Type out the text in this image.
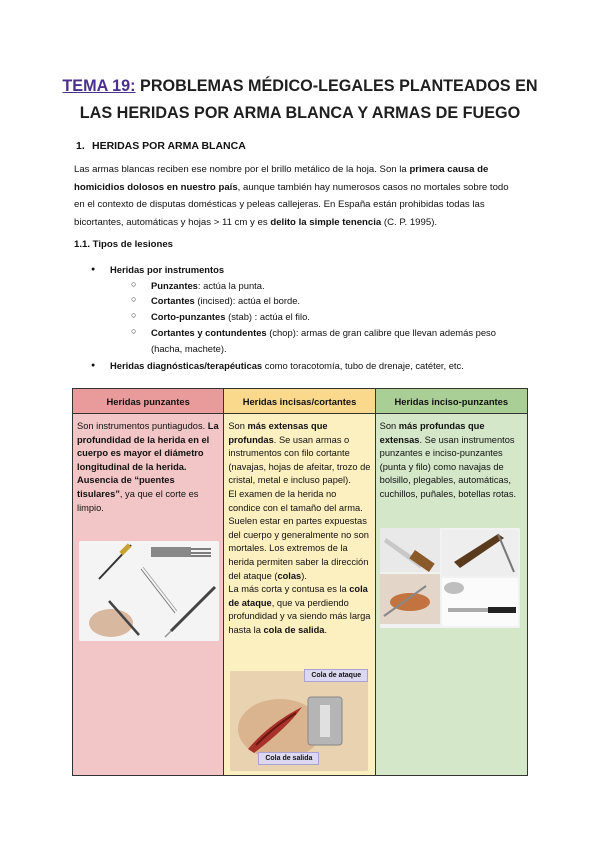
TEMA 19: PROBLEMAS MÉDICO-LEGALES PLANTEADOS EN
LAS HERIDAS POR ARMA BLANCA Y ARMAS DE FUEGO
1. HERIDAS POR ARMA BLANCA
Las armas blancas reciben ese nombre por el brillo metálico de la hoja. Son la primera causa de homicidios dolosos en nuestro país, aunque también hay numerosos casos no mortales sobre todo en el contexto de disputas domésticas y peleas callejeras. En España están prohibidas todas las bicortantes, automáticas y hojas > 11 cm y es delito la simple tenencia (C. P. 1995).
1.1. Tipos de lesiones
● Heridas por instrumentos
○ Punzantes: actúa la punta.
○ Cortantes (incised): actúa el borde.
○ Corto-punzantes (stab) : actúa el filo.
○ Cortantes y contundentes (chop): armas de gran calibre que llevan además peso (hacha, machete).
● Heridas diagnósticas/terapéuticas como toracotomía, tubo de drenaje, catéter, etc.
Heridas punzantes
Son instrumentos puntiagudos. La profundidad de la herida en el cuerpo es mayor el diámetro longitudinal de la herida.
Ausencia de “puentes tisulares”, ya que el corte es limpio.
Heridas incisas/cortantes
Son más extensas que profundas. Se usan armas o instrumentos con filo cortante (navajas, hojas de afeitar, trozo de cristal, metal e incluso papel).
El examen de la herida no condice con el tamaño del arma. Suelen estar en partes expuestas del cuerpo y generalmente no son mortales. Los extremos de la herida permiten saber la dirección del ataque (colas).
La más corta y contusa es la cola de ataque, que va perdiendo profundidad y va siendo más larga hasta la cola de salida.
Cola de ataque
Cola de salida
Heridas inciso-punzantes
Son más profundas que extensas. Se usan instrumentos punzantes e inciso-punzantes (punta y filo) como navajas de bolsillo, plegables, automáticas, cuchillos, puñales, botellas rotas.
